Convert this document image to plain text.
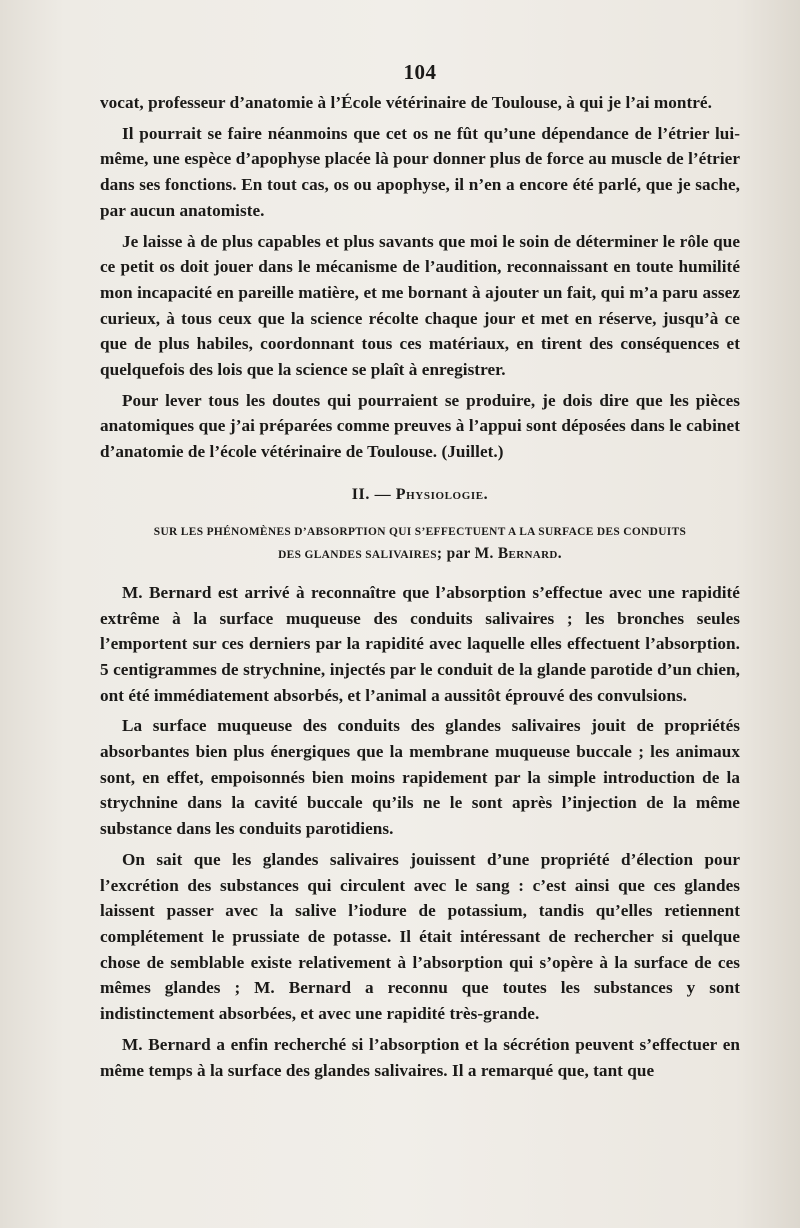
104

vocat, professeur d’anatomie à l’École vétérinaire de Toulouse, à qui je l’ai montré.

Il pourrait se faire néanmoins que cet os ne fût qu’une dépendance de l’étrier lui-même, une espèce d’apophyse placée là pour donner plus de force au muscle de l’étrier dans ses fonctions. En tout cas, os ou apophyse, il n’en a encore été parlé, que je sache, par aucun anatomiste.

Je laisse à de plus capables et plus savants que moi le soin de déterminer le rôle que ce petit os doit jouer dans le mécanisme de l’audition, reconnaissant en toute humilité mon incapacité en pareille matière, et me bornant à ajouter un fait, qui m’a paru assez curieux, à tous ceux que la science récolte chaque jour et met en réserve, jusqu’à ce que de plus habiles, coordonnant tous ces matériaux, en tirent des conséquences et quelquefois des lois que la science se plaît à enregistrer.

Pour lever tous les doutes qui pourraient se produire, je dois dire que les pièces anatomiques que j’ai préparées comme preuves à l’appui sont déposées dans le cabinet d’anatomie de l’école vétérinaire de Toulouse. (Juillet.)

II. — Physiologie.
SUR LES PHÉNOMÈNES D’ABSORPTION QUI S’EFFECTUENT A LA SURFACE DES CONDUITS
DES GLANDES SALIVAIRES; par M. Bernard.

M. Bernard est arrivé à reconnaître que l’absorption s’effectue avec une rapidité extrême à la surface muqueuse des conduits salivaires ; les bronches seules l’emportent sur ces derniers par la rapidité avec laquelle elles effectuent l’absorption. 5 centigrammes de strychnine, injectés par le conduit de la glande parotide d’un chien, ont été immédiatement absorbés, et l’animal a aussitôt éprouvé des convulsions.

La surface muqueuse des conduits des glandes salivaires jouit de propriétés absorbantes bien plus énergiques que la membrane muqueuse buccale ; les animaux sont, en effet, empoisonnés bien moins rapidement par la simple introduction de la strychnine dans la cavité buccale qu’ils ne le sont après l’injection de la même substance dans les conduits parotidiens.

On sait que les glandes salivaires jouissent d’une propriété d’élection pour l’excrétion des substances qui circulent avec le sang : c’est ainsi que ces glandes laissent passer avec la salive l’iodure de potassium, tandis qu’elles retiennent complétement le prussiate de potasse. Il était intéressant de rechercher si quelque chose de semblable existe relativement à l’absorption qui s’opère à la surface de ces mêmes glandes ; M. Bernard a reconnu que toutes les substances y sont indistinctement absorbées, et avec une rapidité très-grande.

M. Bernard a enfin recherché si l’absorption et la sécrétion peuvent s’effectuer en même temps à la surface des glandes salivaires. Il a remarqué que, tant que
